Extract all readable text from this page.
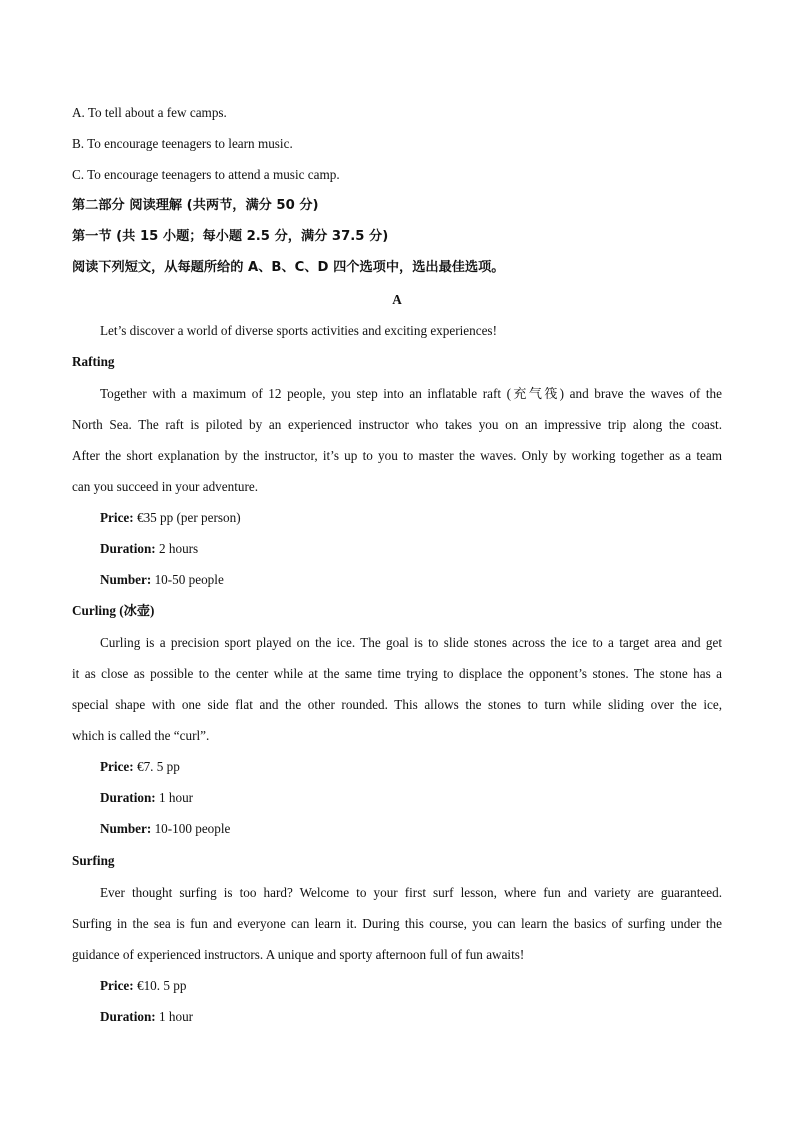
A. To tell about a few camps.
B. To encourage teenagers to learn music.
C. To encourage teenagers to attend a music camp.
第二部分 阅读理解 (共两节，满分 50 分)
第一节 (共 15 小题；每小题 2.5 分，满分 37.5 分)
阅读下列短文，从每题所给的 A、B、C、D 四个选项中，选出最佳选项。
A
Let’s discover a world of diverse sports activities and exciting experiences!
Rafting
Together with a maximum of 12 people, you step into an inflatable raft (充气筏) and brave the waves of the
North Sea. The raft is piloted by an experienced instructor who takes you on an impressive trip along the coast.
After the short explanation by the instructor, it’s up to you to master the waves. Only by working together as a team
can you succeed in your adventure.
Price: €35 pp (per person)
Duration: 2 hours
Number: 10-50 people
Curling (冰壶)
Curling is a precision sport played on the ice. The goal is to slide stones across the ice to a target area and get
it as close as possible to the center while at the same time trying to displace the opponent’s stones. The stone has a
special shape with one side flat and the other rounded. This allows the stones to turn while sliding over the ice,
which is called the “curl”.
Price: €7. 5 pp
Duration: 1 hour
Number: 10-100 people
Surfing
Ever thought surfing is too hard? Welcome to your first surf lesson, where fun and variety are guaranteed.
Surfing in the sea is fun and everyone can learn it. During this course, you can learn the basics of surfing under the
guidance of experienced instructors. A unique and sporty afternoon full of fun awaits!
Price: €10. 5 pp
Duration: 1 hour
